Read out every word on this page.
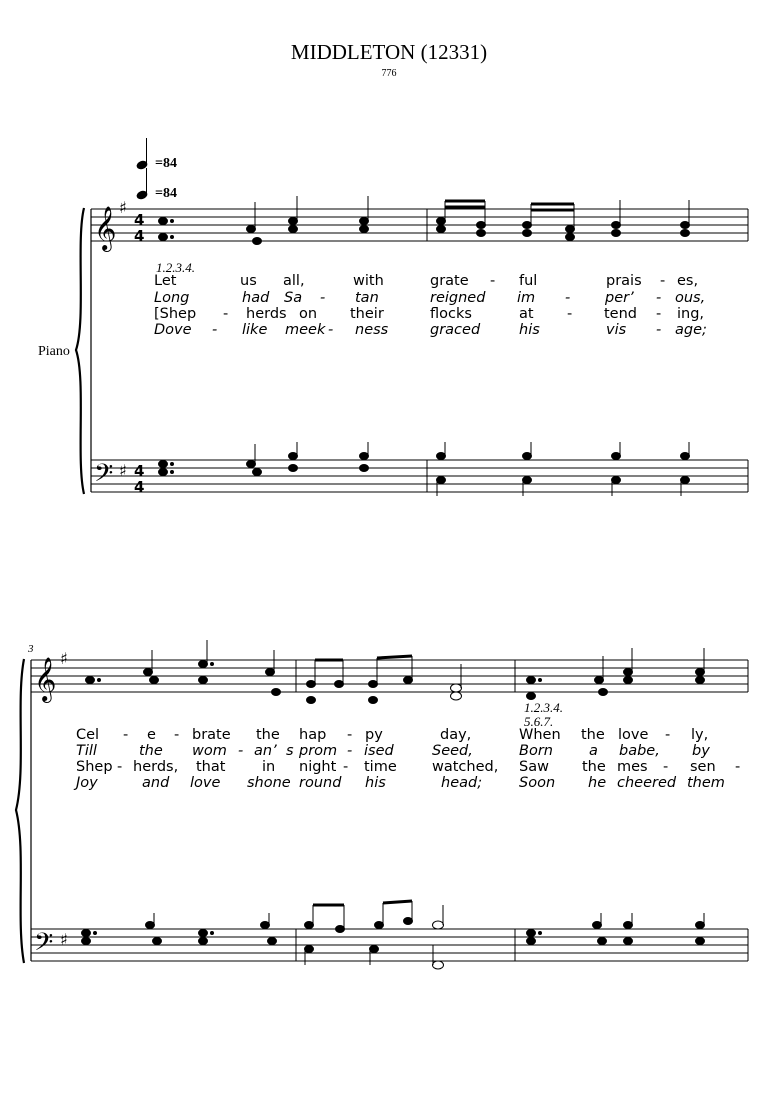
MIDDLETON (12331)
776
=84
=84
Piano
𝄞 ♯
4
4
𝄢 ♯ 4
4
𝄞 ♯
𝄢 ♯
1.2.3.4.
Let	us all,	with	grate - ful	prais - es,
Long	had Sa - tan	reigned im - per’ - ous,
[Shep - herds on their	flocks	at - tend - ing,
Dove - like meek - ness	graced	his	vis - age;
3
1.2.3.4.
5.6.7.
Cel - e - brate the hap - py	day,	When the love - ly,
Till	the wom - an’ s prom - ised	Seed,	Born a babe, by
Shep - herds, that	in night - time watched, Saw the mes - sen -
Joy	and love shone round his	head;	Soon he cheered them
